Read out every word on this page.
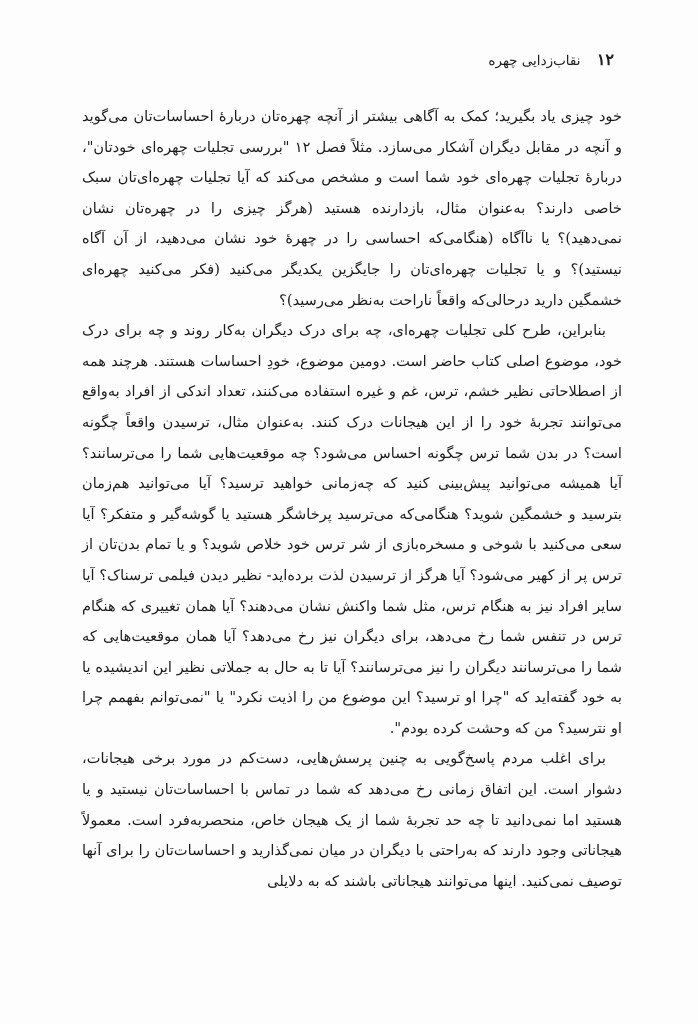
۱۲ نقاب‌زدایی چهره

خود چیزی یاد بگیرید؛ کمک به آگاهی بیشتر از آنچه چهره‌تان دربارهٔ احساسات‌تان می‌گوید و آنچه در مقابل دیگران آشکار می‌سازد. مثلاً فصل ۱۲ "بررسی تجلیات چهره‌ای خودتان"، دربارهٔ تجلیات چهره‌ای خود شما است و مشخص می‌کند که آیا تجلیات چهره‌ای‌تان سبک خاصی دارند؟ به‌عنوان مثال، بازدارنده هستید (هرگز چیزی را در چهره‌تان نشان نمی‌دهید)؟ یا ناآگاه (هنگامی‌که احساسی را در چهرهٔ خود نشان می‌دهید، از آن آگاه نیستید)؟ و یا تجلیات چهره‌ای‌تان را جایگزین یکدیگر می‌کنید (فکر می‌کنید چهره‌ای خشمگین دارید درحالی‌که واقعاً ناراحت به‌نظر می‌رسید)؟

بنابراین، طرح کلی تجلیات چهره‌ای، چه برای درک دیگران به‌کار روند و چه برای درک خود، موضوع اصلی کتاب حاضر است. دومین موضوع، خودِ احساسات هستند. هرچند همه از اصطلاحاتی نظیر خشم، ترس، غم و غیره استفاده می‌کنند، تعداد اندکی از افراد به‌واقع می‌توانند تجربهٔ خود را از این هیجانات درک کنند. به‌عنوان مثال، ترسیدن واقعاً چگونه است؟ در بدن شما ترس چگونه احساس می‌شود؟ چه موقعیت‌هایی شما را می‌ترسانند؟ آیا همیشه می‌توانید پیش‌بینی کنید که چه‌زمانی خواهید ترسید؟ آیا می‌توانید هم‌زمان بترسید و خشمگین شوید؟ هنگامی‌که می‌ترسید پرخاشگر هستید یا گوشه‌گیر و متفکر؟ آیا سعی می‌کنید با شوخی و مسخره‌بازی از شر ترس خود خلاص شوید؟ و یا تمام بدن‌تان از ترس پر از کهیر می‌شود؟ آیا هرگز از ترسیدن لذت برده‌اید- نظیر دیدن فیلمی ترسناک؟ آیا سایر افراد نیز به هنگام ترس، مثل شما واکنش نشان می‌دهند؟ آیا همان تغییری که هنگام ترس در تنفس شما رخ می‌دهد، برای دیگران نیز رخ می‌دهد؟ آیا همان موقعیت‌هایی که شما را می‌ترسانند دیگران را نیز می‌ترسانند؟ آیا تا به حال به جملاتی نظیر این اندیشیده یا به خود گفته‌اید که "چرا او ترسید؟ این موضوع من را اذیت نکرد" یا "نمی‌توانم بفهمم چرا او نترسید؟ من که وحشت کرده بودم".

برای اغلب مردم پاسخ‌گویی به چنین پرسش‌هایی، دست‌کم در مورد برخی هیجانات، دشوار است. این اتفاق زمانی رخ می‌دهد که شما در تماس با احساسات‌تان نیستید و یا هستید اما نمی‌دانید تا چه حد تجربهٔ شما از یک هیجان خاص، منحصربه‌فرد است. معمولاً هیجاناتی وجود دارند که به‌راحتی با دیگران در میان نمی‌گذارید و احساسات‌تان را برای آنها توصیف نمی‌کنید. اینها می‌توانند هیجاناتی باشند که به دلایلی
